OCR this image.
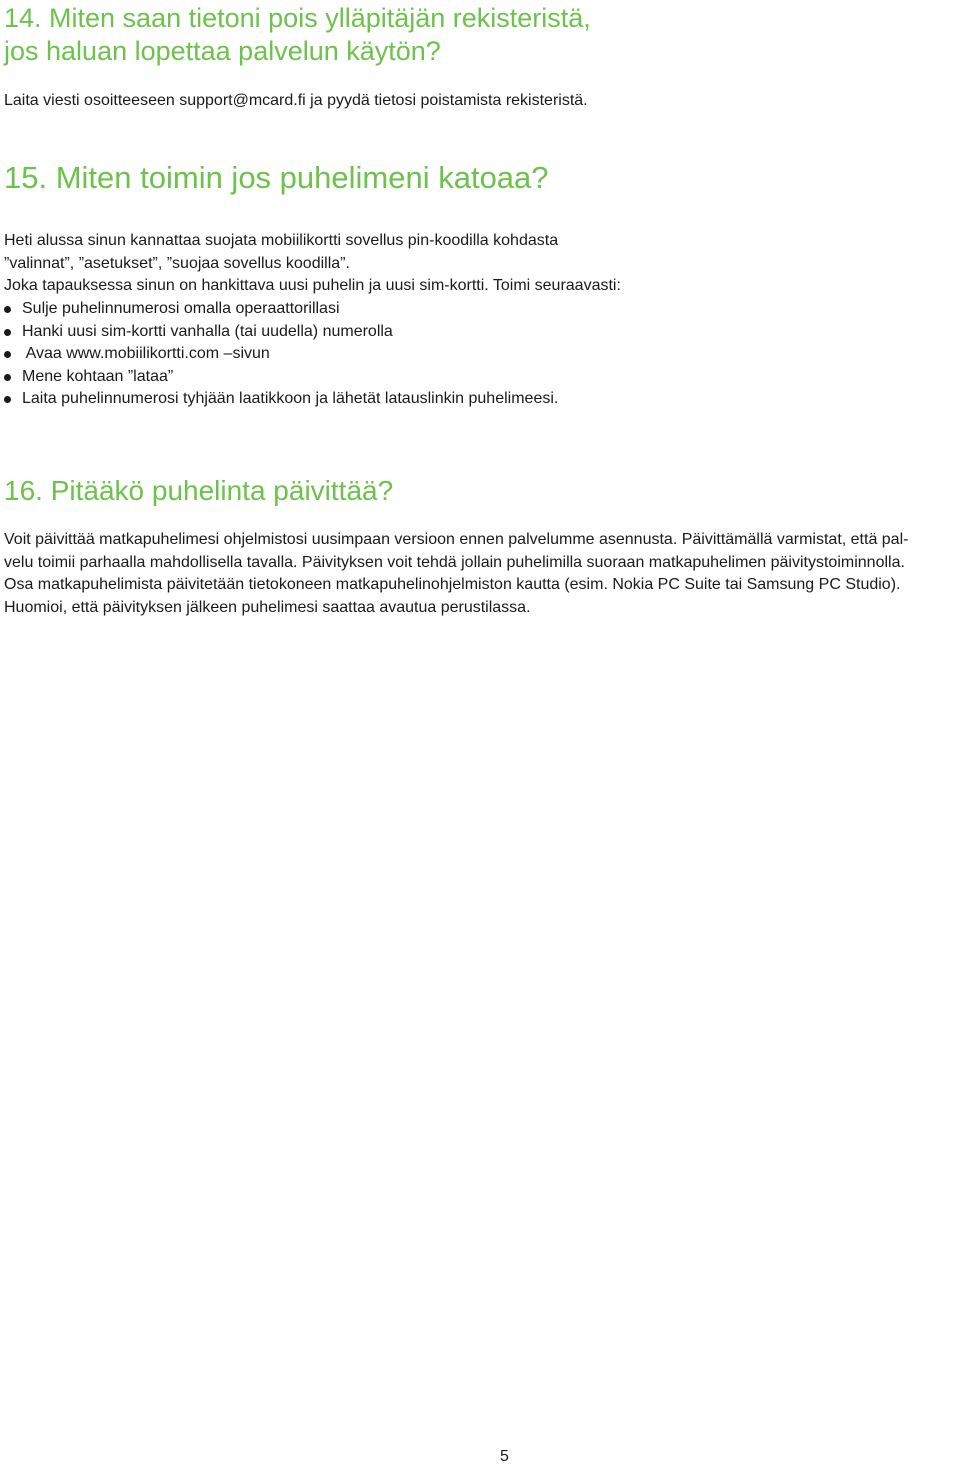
14. Miten saan tietoni pois ylläpitäjän rekisteristä,
jos haluan lopettaa palvelun käytön?

Laita viesti osoitteeseen support@mcard.fi ja pyydä tietosi poistamista rekisteristä.

15. Miten toimin jos puhelimeni katoaa?

Heti alussa sinun kannattaa suojata mobiilikortti sovellus pin-koodilla kohdasta
”valinnat”, ”asetukset”, ”suojaa sovellus koodilla”.
Joka tapauksessa sinun on hankittava uusi puhelin ja uusi sim-kortti. Toimi seuraavasti:

Sulje puhelinnumerosi omalla operaattorillasi
Hanki uusi sim-kortti vanhalla (tai uudella) numerolla
Avaa www.mobiilikortti.com –sivun
Mene kohtaan ”lataa”
Laita puhelinnumerosi tyhjään laatikkoon ja lähetät latauslinkin puhelimeesi.
16. Pitääkö puhelinta päivittää?

Voit päivittää matkapuhelimesi ohjelmistosi uusimpaan versioon ennen palvelumme asennusta. Päivittämällä varmistat, että pal-
velu toimii parhaalla mahdollisella tavalla. Päivityksen voit tehdä jollain puhelimilla suoraan matkapuhelimen päivitystoiminnolla.
Osa matkapuhelimista päivitetään tietokoneen matkapuhelinohjelmiston kautta (esim. Nokia PC Suite tai Samsung PC Studio).
Huomioi, että päivityksen jälkeen puhelimesi saattaa avautua perustilassa.

5
